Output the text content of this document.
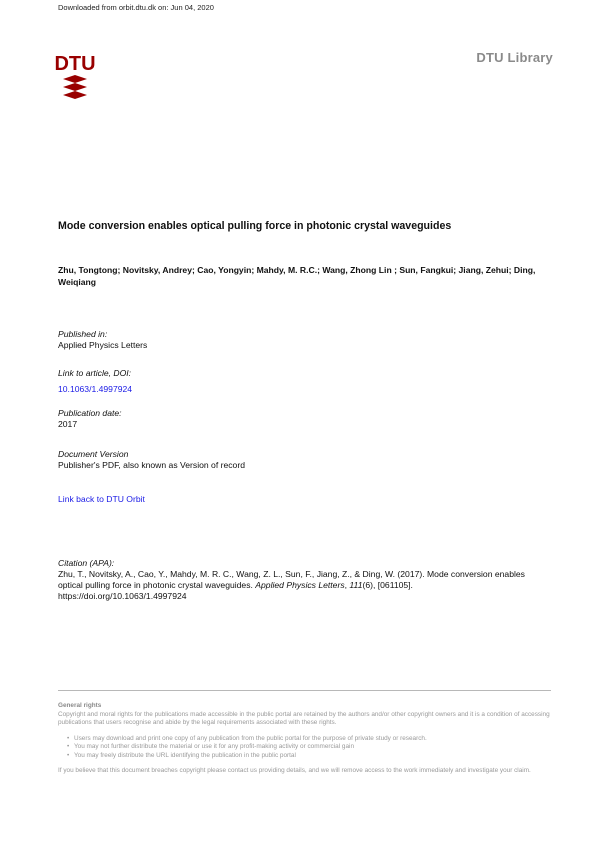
Downloaded from orbit.dtu.dk on: Jun 04, 2020
DTU	DTU Library
Mode conversion enables optical pulling force in photonic crystal waveguides
Zhu, Tongtong; Novitsky, Andrey; Cao, Yongyin; Mahdy, M. R.C.; Wang, Zhong Lin ; Sun, Fangkui; Jiang, Zehui; Ding, Weiqiang
Published in:
Applied Physics Letters
Link to article, DOI:
10.1063/1.4997924
Publication date:
2017
Document Version
Publisher's PDF, also known as Version of record
Link back to DTU Orbit
Citation (APA):
Zhu, T., Novitsky, A., Cao, Y., Mahdy, M. R. C., Wang, Z. L., Sun, F., Jiang, Z., & Ding, W. (2017). Mode conversion enables optical pulling force in photonic crystal waveguides. Applied Physics Letters, 111(6), [061105]. https://doi.org/10.1063/1.4997924
General rights
Copyright and moral rights for the publications made accessible in the public portal are retained by the authors and/or other copyright owners and it is a condition of accessing publications that users recognise and abide by the legal requirements associated with these rights.
• Users may download and print one copy of any publication from the public portal for the purpose of private study or research.
• You may not further distribute the material or use it for any profit-making activity or commercial gain
• You may freely distribute the URL identifying the publication in the public portal
If you believe that this document breaches copyright please contact us providing details, and we will remove access to the work immediately and investigate your claim.
